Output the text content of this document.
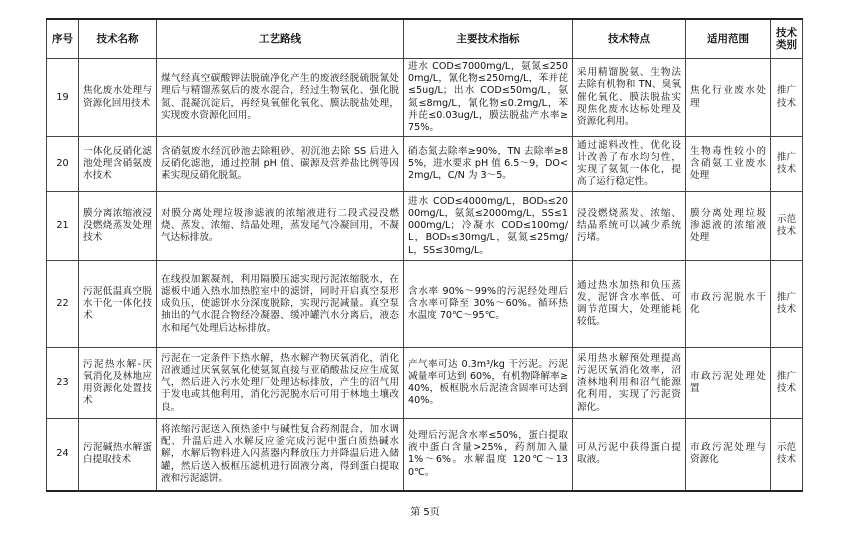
序号	技术名称	工艺路线	主要技术指标	技术特点	适用范围	技术类别
19	焦化废水处理与资源化回用技术	煤气经真空碳酸钾法脱硫净化产生的废液经脱硫脱氰处理后与精馏蒸氨后的废水混合，经过生物氧化、强化脱氮、混凝沉淀后，再经臭氧催化氧化、膜法脱盐处理，实现废水资源化回用。	进水 COD≤7000mg/L，氨氮≤2500mg/L，氰化物≤250mg/L，苯并芘≤5ug/L；出水 COD≤50mg/L，氨氮≤8mg/L，氰化物≤0.2mg/L，苯并芘≤0.03ug/L，膜法脱盐产水率≥75%。	采用精馏脱氨、生物法去除有机物和 TN、臭氧催化氧化、膜法脱盐实现焦化废水达标处理及资源化利用。	焦化行业废水处理	推广技术
20	一体化反硝化滤池处理含硝氨废水技术	含硝氨废水经沉砂池去除粗砂、初沉池去除 SS 后进入反硝化滤池，通过控制 pH 值、碳源及营养盐比例等因素实现反硝化脱氮。	硝态氮去除率≥90%，TN 去除率≥85%，进水要求 pH 值 6.5～9，DO<2mg/L，C/N 为 3～5。	通过滤料改性、优化设计改善了布水均匀性，实现了氨氮一体化，提高了运行稳定性。	生物毒性较小的含硝氨工业废水处理	推广技术
21	膜分离浓缩液浸没燃烧蒸发处理技术	对膜分离处理垃圾渗滤液的浓缩液进行二段式浸没燃烧、蒸发、浓缩、结晶处理，蒸发尾气冷凝回用，不凝气达标排放。	进水 COD≤4000mg/L，BOD₅≤2000mg/L，氨氮≤2000mg/L，SS≤1000mg/L；冷凝水 COD≤100mg/L，BOD₅≤30mg/L，氨氮≤25mg/L，SS≤30mg/L。	浸没燃烧蒸发、浓缩、结晶系统可以减少系统污堵。	膜分离处理垃圾渗滤液的浓缩液处理	示范技术
22	污泥低温真空脱水干化一体化技术	在线投加絮凝剂，利用隔膜压滤实现污泥浓缩脱水，在滤板中通入热水加热腔室中的滤饼，同时开启真空泵形成负压，使滤饼水分深度脱除，实现污泥减量。真空泵抽出的气水混合物经冷凝器、缓冲罐汽水分离后，液态水和尾气处理后达标排放。	含水率 90%～99%的污泥经处理后含水率可降至 30%～60%。循环热水温度 70℃～95℃。	通过热水加热和负压蒸发，泥饼含水率低、可调节范围大，处理能耗较低。	市政污泥脱水干化	推广技术
23	污泥热水解-厌氧消化及林地应用资源化处置技术	污泥在一定条件下热水解，热水解产物厌氧消化，消化沼液通过厌氧氨氧化使氨氮直接与亚硝酸盐反应生成氮气，然后进入污水处理厂处理达标排放，产生的沼气用于发电或其他利用，消化污泥脱水后可用于林地土壤改良。	产气率可达 0.3m³/kg 干污泥。污泥减量率可达到 60%，有机物降解率≥40%，板框脱水后泥渣含固率可达到 40%。	采用热水解预处理提高污泥厌氧消化效率，沼渣林地利用和沼气能源化利用，实现了污泥资源化。	市政污泥处理处置	推广技术
24	污泥碱热水解蛋白提取技术	将浓缩污泥送入预热釜中与碱性复合药剂混合，加水调配、升温后进入水解反应釜完成污泥中蛋白质热碱水解，水解后物料进入闪蒸器内释放压力并降温后进入储罐，然后送入板框压滤机进行固液分离，得到蛋白提取液和污泥滤饼。	处理后污泥含水率≤50%，蛋白提取液中蛋白含量>25%，药剂加入量 1%～6%。水解温度 120℃～130℃。	可从污泥中获得蛋白提取液。	市政污泥处理与资源化	示范技术
第 5页
